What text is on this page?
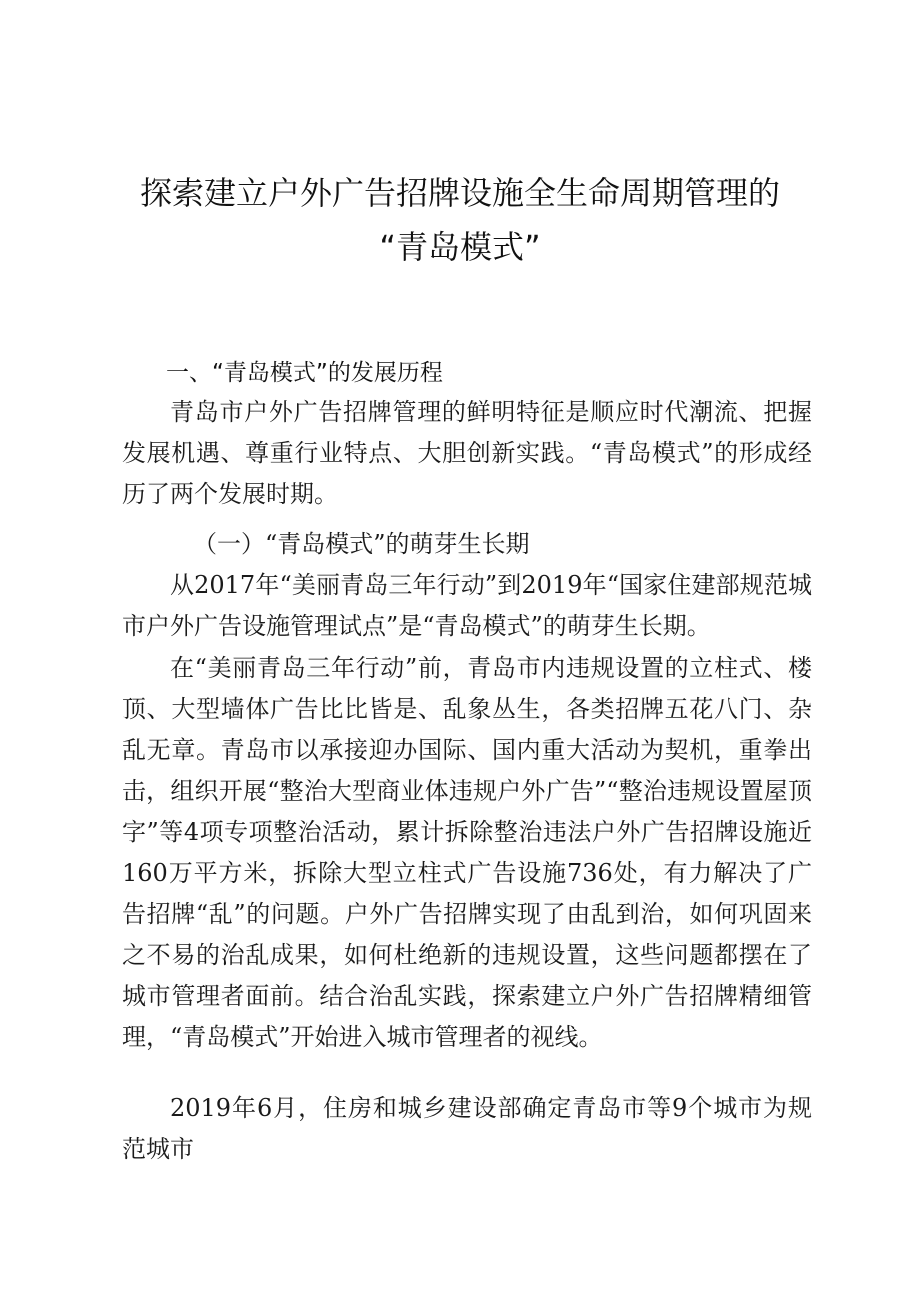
探索建立户外广告招牌设施全生命周期管理的
“青岛模式”
一、“青岛模式”的发展历程
青岛市户外广告招牌管理的鲜明特征是顺应时代潮流、把握发展机遇、尊重行业特点、大胆创新实践。“青岛模式”的形成经历了两个发展时期。
（一）“青岛模式”的萌芽生长期
从2017年“美丽青岛三年行动”到2019年“国家住建部规范城市户外广告设施管理试点”是“青岛模式”的萌芽生长期。
在“美丽青岛三年行动”前，青岛市内违规设置的立柱式、楼顶、大型墙体广告比比皆是、乱象丛生，各类招牌五花八门、杂乱无章。青岛市以承接迎办国际、国内重大活动为契机，重拳出击，组织开展“整治大型商业体违规户外广告”“整治违规设置屋顶字”等4项专项整治活动，累计拆除整治违法户外广告招牌设施近160万平方米，拆除大型立柱式广告设施736处，有力解决了广告招牌“乱”的问题。户外广告招牌实现了由乱到治，如何巩固来之不易的治乱成果，如何杜绝新的违规设置，这些问题都摆在了城市管理者面前。结合治乱实践，探索建立户外广告招牌精细管理，“青岛模式”开始进入城市管理者的视线。
2019年6月，住房和城乡建设部确定青岛市等9个城市为规范城市
